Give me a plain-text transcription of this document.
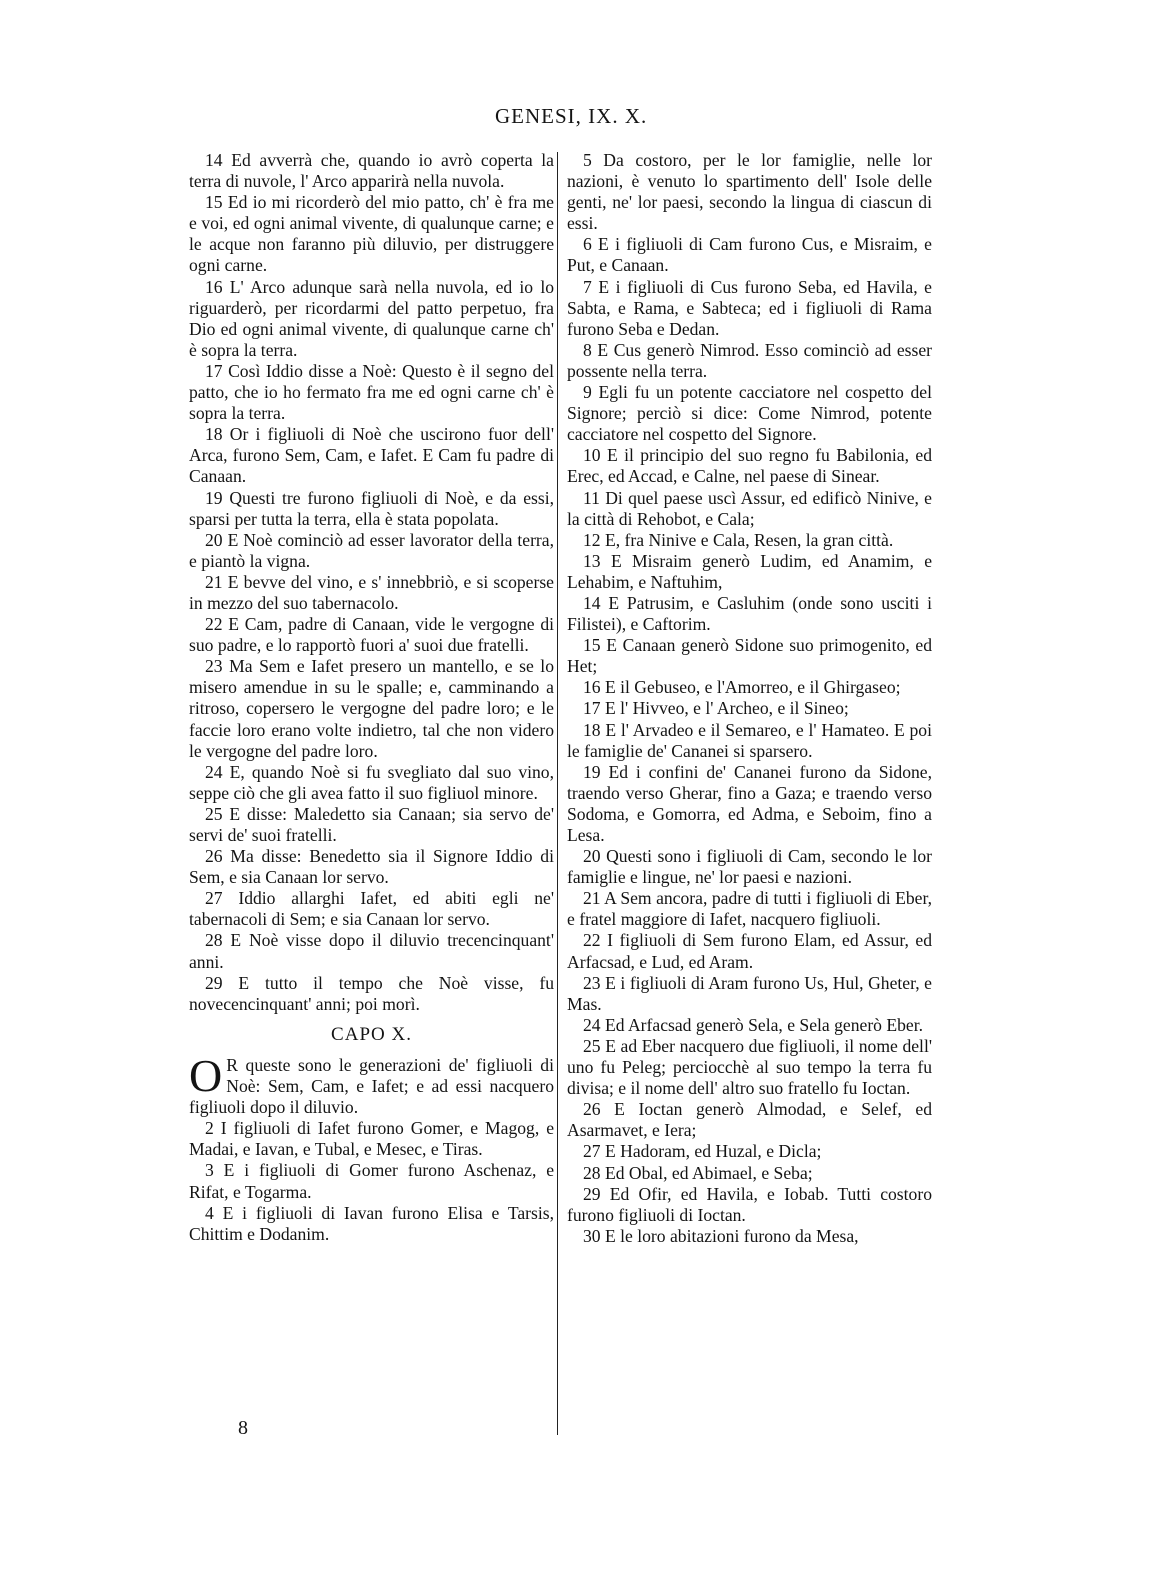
GENESI, IX. X.

14 Ed avverrà che, quando io avrò coperta la terra di nuvole, l' Arco apparirà nella nuvola.

15 Ed io mi ricorderò del mio patto, ch' è fra me e voi, ed ogni animal vivente, di qualunque carne; e le acque non faranno più diluvio, per distruggere ogni carne.

16 L' Arco adunque sarà nella nuvola, ed io lo riguarderò, per ricordarmi del patto perpetuo, fra Dio ed ogni animal vivente, di qualunque carne ch' è sopra la terra.

17 Così Iddio disse a Noè: Questo è il segno del patto, che io ho fermato fra me ed ogni carne ch' è sopra la terra.

18 Or i figliuoli di Noè che uscirono fuor dell' Arca, furono Sem, Cam, e Iafet. E Cam fu padre di Canaan.

19 Questi tre furono figliuoli di Noè, e da essi, sparsi per tutta la terra, ella è stata popolata.

20 E Noè cominciò ad esser lavorator della terra, e piantò la vigna.

21 E bevve del vino, e s' innebbriò, e si scoperse in mezzo del suo tabernacolo.

22 E Cam, padre di Canaan, vide le vergogne di suo padre, e lo rapportò fuori a' suoi due fratelli.

23 Ma Sem e Iafet presero un mantello, e se lo misero amendue in su le spalle; e, camminando a ritroso, copersero le vergogne del padre loro; e le faccie loro erano volte indietro, tal che non videro le vergogne del padre loro.

24 E, quando Noè si fu svegliato dal suo vino, seppe ciò che gli avea fatto il suo figliuol minore.

25 E disse: Maledetto sia Canaan; sia servo de' servi de' suoi fratelli.

26 Ma disse: Benedetto sia il Signore Iddio di Sem, e sia Canaan lor servo.

27 Iddio allarghi Iafet, ed abiti egli ne' tabernacoli di Sem; e sia Canaan lor servo.

28 E Noè visse dopo il diluvio trecencinquant' anni.

29 E tutto il tempo che Noè visse, fu novecencinquant' anni; poi morì.

CAPO X.

O R queste sono le generazioni de' figliuoli di Noè: Sem, Cam, e Iafet; e ad essi nacquero figliuoli dopo il diluvio.

2 I figliuoli di Iafet furono Gomer, e Magog, e Madai, e Iavan, e Tubal, e Mesec, e Tiras.

3 E i figliuoli di Gomer furono Aschenaz, e Rifat, e Togarma.

4 E i figliuoli di Iavan furono Elisa e Tarsis, Chittim e Dodanim.

5 Da costoro, per le lor famiglie, nelle lor nazioni, è venuto lo spartimento dell' Isole delle genti, ne' lor paesi, secondo la lingua di ciascun di essi.

6 E i figliuoli di Cam furono Cus, e Misraim, e Put, e Canaan.

7 E i figliuoli di Cus furono Seba, ed Havila, e Sabta, e Rama, e Sabteca; ed i figliuoli di Rama furono Seba e Dedan.

8 E Cus generò Nimrod. Esso cominciò ad esser possente nella terra.

9 Egli fu un potente cacciatore nel cospetto del Signore; perciò si dice: Come Nimrod, potente cacciatore nel cospetto del Signore.

10 E il principio del suo regno fu Babilonia, ed Erec, ed Accad, e Calne, nel paese di Sinear.

11 Di quel paese uscì Assur, ed edificò Ninive, e la città di Rehobot, e Cala;

12 E, fra Ninive e Cala, Resen, la gran città.

13 E Misraim generò Ludim, ed Anamim, e Lehabim, e Naftuhim,

14 E Patrusim, e Casluhim (onde sono usciti i Filistei), e Caftorim.

15 E Canaan generò Sidone suo primogenito, ed Het;

16 E il Gebuseo, e l'Amorreo, e il Ghirgaseo;

17 E l' Hivveo, e l' Archeo, e il Sineo;

18 E l' Arvadeo e il Semareo, e l' Hamateo. E poi le famiglie de' Cananei si sparsero.

19 Ed i confini de' Cananei furono da Sidone, traendo verso Gherar, fino a Gaza; e traendo verso Sodoma, e Gomorra, ed Adma, e Seboim, fino a Lesa.

20 Questi sono i figliuoli di Cam, secondo le lor famiglie e lingue, ne' lor paesi e nazioni.

21 A Sem ancora, padre di tutti i figliuoli di Eber, e fratel maggiore di Iafet, nacquero figliuoli.

22 I figliuoli di Sem furono Elam, ed Assur, ed Arfacsad, e Lud, ed Aram.

23 E i figliuoli di Aram furono Us, Hul, Gheter, e Mas.

24 Ed Arfacsad generò Sela, e Sela generò Eber.

25 E ad Eber nacquero due figliuoli, il nome dell' uno fu Peleg; perciocchè al suo tempo la terra fu divisa; e il nome dell' altro suo fratello fu Ioctan.

26 E Ioctan generò Almodad, e Selef, ed Asarmavet, e Iera;

27 E Hadoram, ed Huzal, e Dicla;

28 Ed Obal, ed Abimael, e Seba;

29 Ed Ofir, ed Havila, e Iobab. Tutti costoro furono figliuoli di Ioctan.

30 E le loro abitazioni furono da Mesa,

8
